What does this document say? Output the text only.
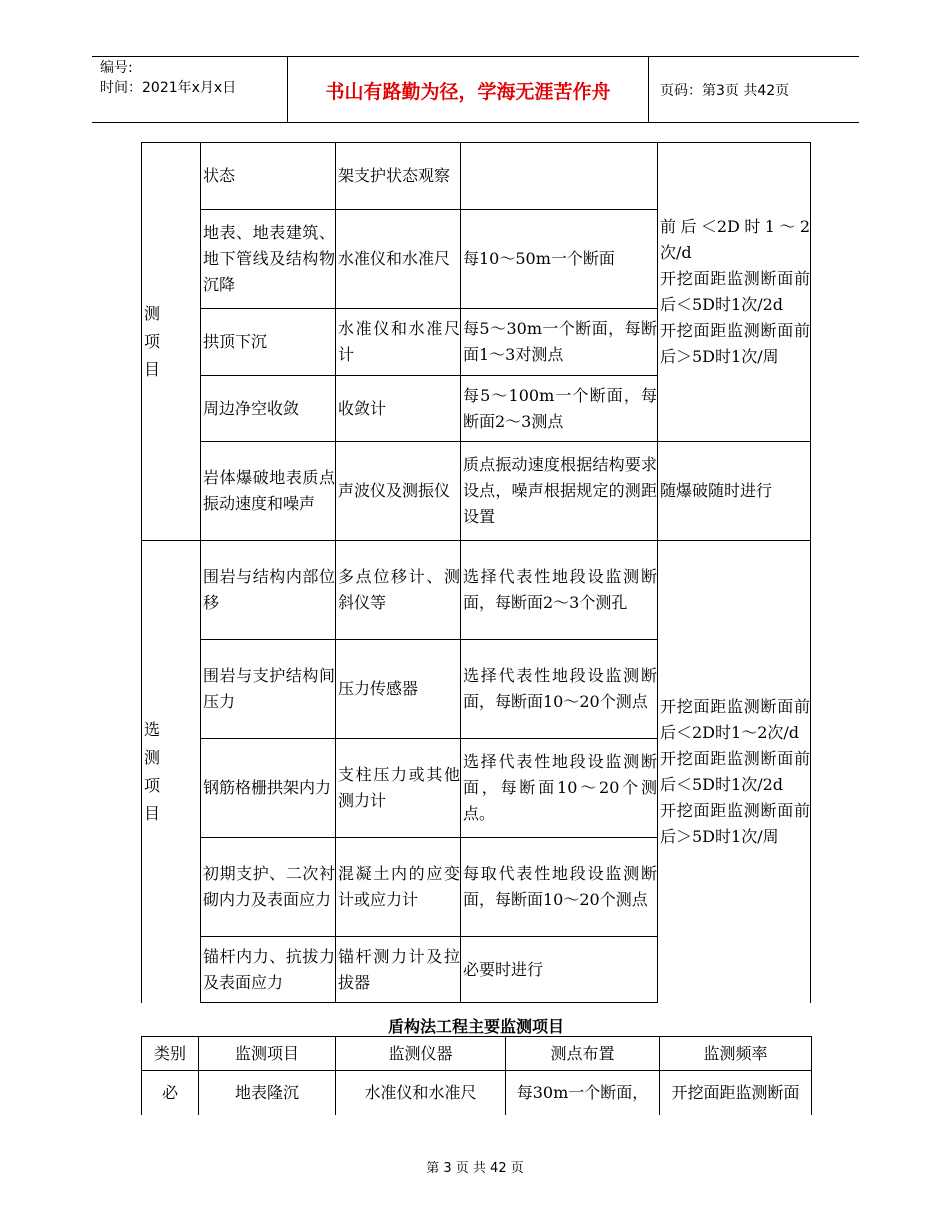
编号:
时间：2021年x月x日	书山有路勤为径，学海无涯苦作舟	页码：第3页 共42页
测
项
目	状态	架支护状态观察		前后＜2D时1～2次/d
开挖面距监测断面前后＜5D时1次/2d
开挖面距监测断面前后＞5D时1次/周
	地表、地表建筑、地下管线及结构物沉降	水准仪和水准尺	每10～50m一个断面	
	拱顶下沉	水准仪和水准尺计	每5～30m一个断面，每断面1～3对测点	
	周边净空收敛	收敛计	每5～100m一个断面，每断面2～3测点	
	岩体爆破地表质点振动速度和噪声	声波仪及测振仪	质点振动速度根据结构要求设点，噪声根据规定的测距设置	随爆破随时进行
选
测
项
目	围岩与结构内部位移	多点位移计、测斜仪等	选择代表性地段设监测断面，每断面2～3个测孔	开挖面距监测断面前后＜2D时1～2次/d
开挖面距监测断面前后＜5D时1次/2d
开挖面距监测断面前后＞5D时1次/周
	围岩与支护结构间压力	压力传感器	选择代表性地段设监测断面，每断面10～20个测点	
	钢筋格栅拱架内力	支柱压力或其他测力计	选择代表性地段设监测断面，每断面10～20个测点。	
	初期支护、二次衬砌内力及表面应力	混凝土内的应变计或应力计	每取代表性地段设监测断面，每断面10～20个测点	
	锚杆内力、抗拔力及表面应力	锚杆测力计及拉拔器	必要时进行	
盾构法工程主要监测项目
类别	监测项目	监测仪器	测点布置	监测频率
必	地表隆沉	水准仪和水准尺	每30m一个断面，	开挖面距监测断面
第 3 页 共 42 页
